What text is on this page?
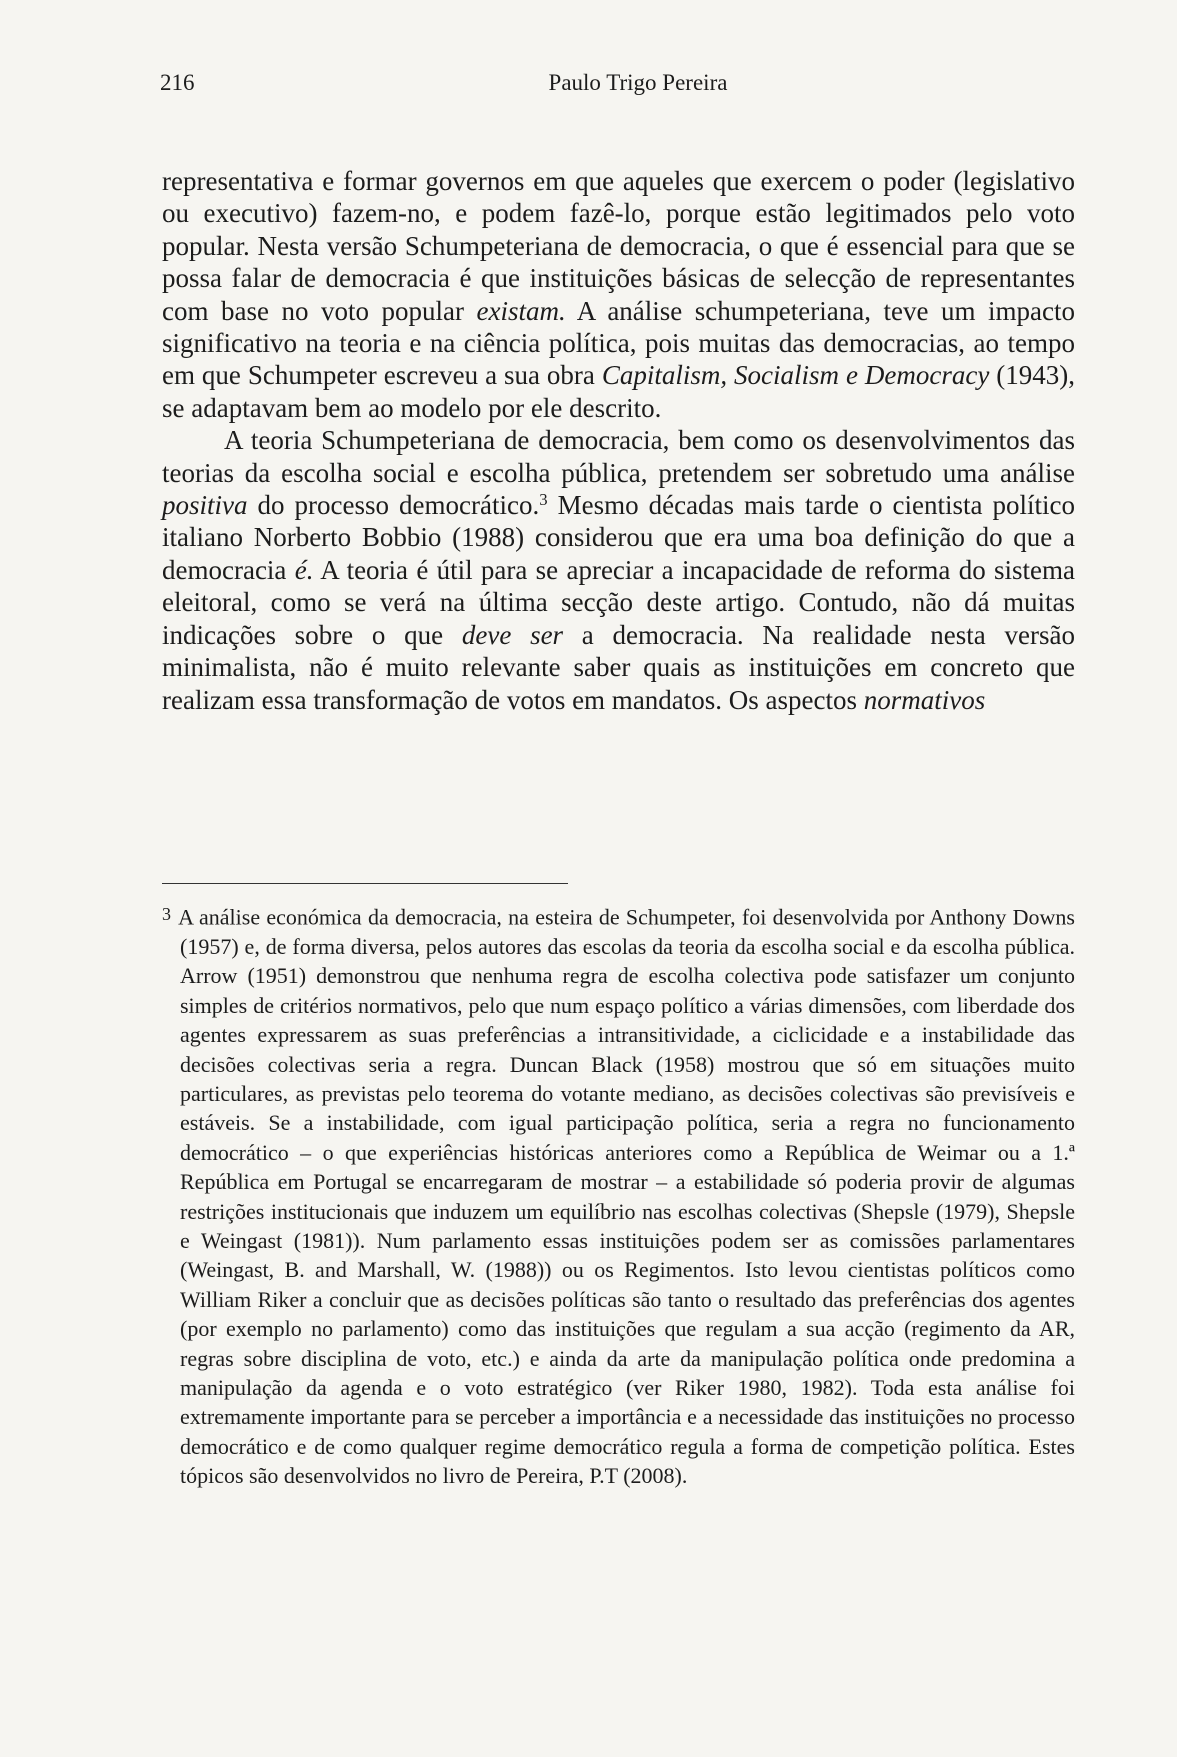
216	Paulo Trigo Pereira

representativa e formar governos em que aqueles que exercem o poder (legislativo ou executivo) fazem-no, e podem fazê-lo, porque estão legitimados pelo voto popular. Nesta versão Schumpeteriana de democracia, o que é essencial para que se possa falar de democracia é que instituições básicas de selecção de representantes com base no voto popular existam. A análise schumpeteriana, teve um impacto significativo na teoria e na ciência política, pois muitas das democracias, ao tempo em que Schumpeter escreveu a sua obra Capitalism, Socialism e Democracy (1943), se adaptavam bem ao modelo por ele descrito.

A teoria Schumpeteriana de democracia, bem como os desenvolvimentos das teorias da escolha social e escolha pública, pretendem ser sobretudo uma análise positiva do processo democrático.$^3$ Mesmo décadas mais tarde o cientista político italiano Norberto Bobbio (1988) considerou que era uma boa definição do que a democracia é. A teoria é útil para se apreciar a incapacidade de reforma do sistema eleitoral, como se verá na última secção deste artigo. Contudo, não dá muitas indicações sobre o que deve ser a democracia. Na realidade nesta versão minimalista, não é muito relevante saber quais as instituições em concreto que realizam essa transformação de votos em mandatos. Os aspectos normativos

$^3$ A análise económica da democracia, na esteira de Schumpeter, foi desenvolvida por Anthony Downs (1957) e, de forma diversa, pelos autores das escolas da teoria da escolha social e da escolha pública. Arrow (1951) demonstrou que nenhuma regra de escolha colectiva pode satisfazer um conjunto simples de critérios normativos, pelo que num espaço político a várias dimensões, com liberdade dos agentes expressarem as suas preferências a intransitividade, a ciclicidade e a instabilidade das decisões colectivas seria a regra. Duncan Black (1958) mostrou que só em situações muito particulares, as previstas pelo teorema do votante mediano, as decisões colectivas são previsíveis e estáveis. Se a instabilidade, com igual participação política, seria a regra no funcionamento democrático – o que experiências históricas anteriores como a República de Weimar ou a 1.ª República em Portugal se encarregaram de mostrar – a estabilidade só poderia provir de algumas restrições institucionais que induzem um equilíbrio nas escolhas colectivas (Shepsle (1979), Shepsle e Weingast (1981)). Num parlamento essas instituições podem ser as comissões parlamentares (Weingast, B. and Marshall, W. (1988)) ou os Regimentos. Isto levou cientistas políticos como William Riker a concluir que as decisões políticas são tanto o resultado das preferências dos agentes (por exemplo no parlamento) como das instituições que regulam a sua acção (regimento da AR, regras sobre disciplina de voto, etc.) e ainda da arte da manipulação política onde predomina a manipulação da agenda e o voto estratégico (ver Riker 1980, 1982). Toda esta análise foi extremamente importante para se perceber a importância e a necessidade das instituições no processo democrático e de como qualquer regime democrático regula a forma de competição política. Estes tópicos são desenvolvidos no livro de Pereira, P.T (2008).
